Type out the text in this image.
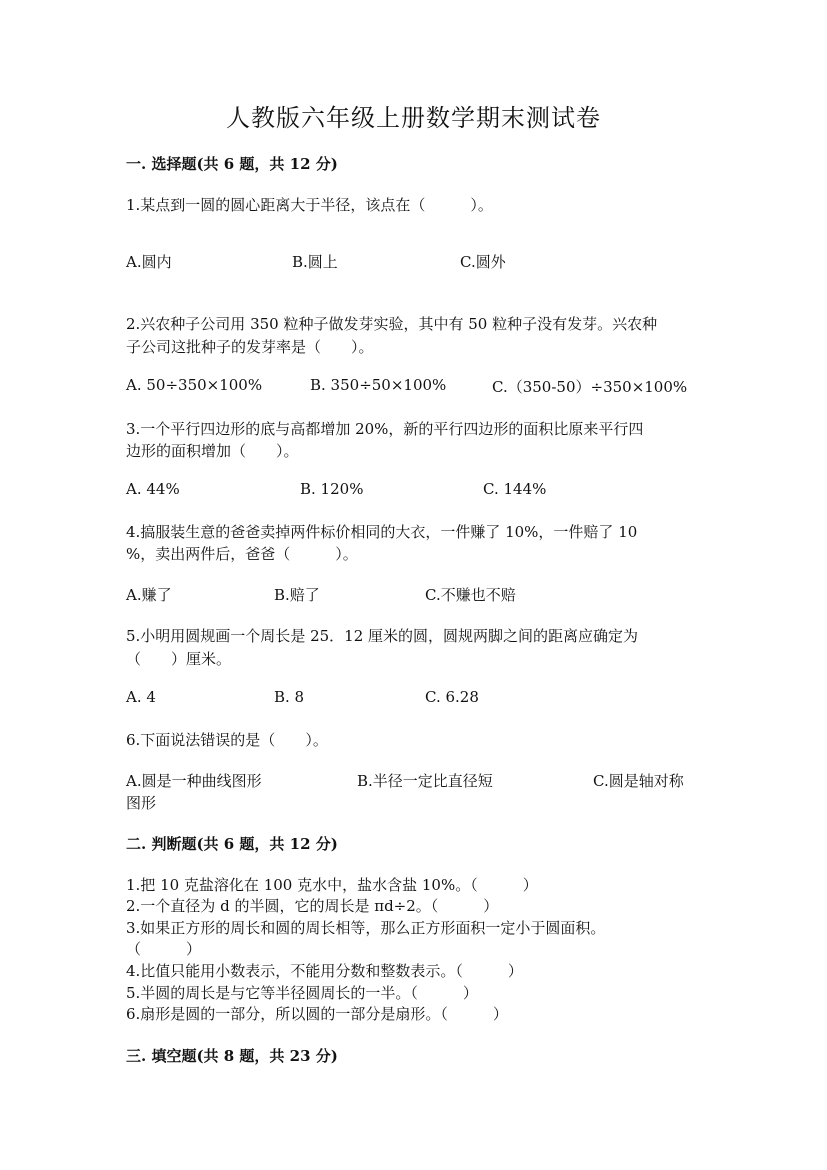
人教版六年级上册数学期末测试卷
一. 选择题(共 6 题，共 12 分)
1.某点到一圆的圆心距离大于半径，该点在（　　　）。
A.圆内	B.圆上	C.圆外
2.兴农种子公司用 350 粒种子做发芽实验，其中有 50 粒种子没有发芽。兴农种
子公司这批种子的发芽率是（　　）。
A. 50÷350×100%	B. 350÷50×100%	C.（350-50）÷350×100%
3.一个平行四边形的底与高都增加 20%，新的平行四边形的面积比原来平行四
边形的面积增加（　　）。
A. 44%	B. 120%	C. 144%
4.搞服装生意的爸爸卖掉两件标价相同的大衣，一件赚了 10%，一件赔了 10
%，卖出两件后，爸爸（　　　）。
A.赚了	B.赔了	C.不赚也不赔
5.小明用圆规画一个周长是 25．12 厘米的圆，圆规两脚之间的距离应确定为
（　　）厘米。
A. 4	B. 8	C. 6.28
6.下面说法错误的是（　　）。
A.圆是一种曲线图形	B.半径一定比直径短	C.圆是轴对称
图形
二. 判断题(共 6 题，共 12 分)
1.把 10 克盐溶化在 100 克水中，盐水含盐 10%。（　　　）
2.一个直径为 d 的半圆，它的周长是 πd÷2。（　　　）
3.如果正方形的周长和圆的周长相等，那么正方形面积一定小于圆面积。
（　　　）
4.比值只能用小数表示，不能用分数和整数表示。（　　　）
5.半圆的周长是与它等半径圆周长的一半。（　　　）
6.扇形是圆的一部分，所以圆的一部分是扇形。（　　　）
三. 填空题(共 8 题，共 23 分)
